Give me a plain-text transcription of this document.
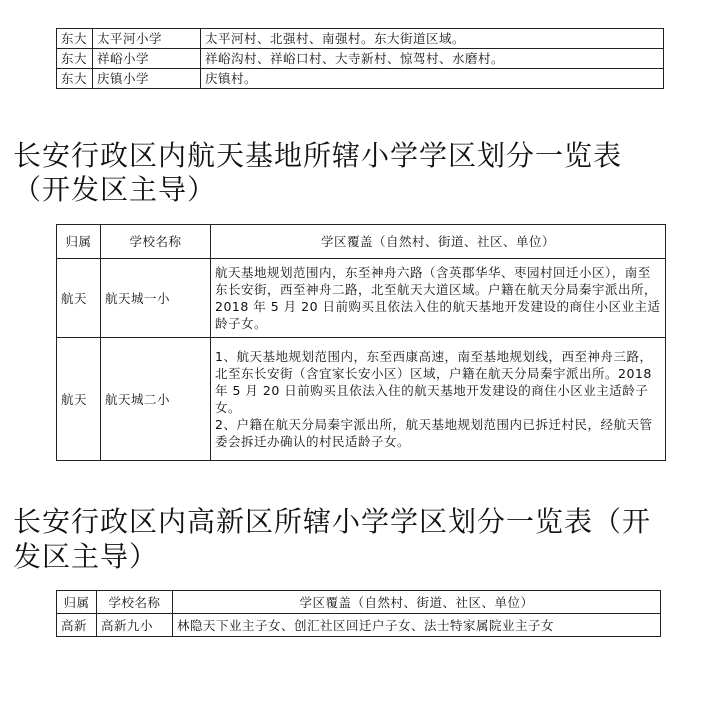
东大	太平河小学	太平河村、北强村、南强村。东大街道区域。
东大	祥峪小学	祥峪沟村、祥峪口村、大寺新村、惊驾村、水磨村。
东大	庆镇小学	庆镇村。
长安行政区内航天基地所辖小学学区划分一览表
（开发区主导）
归属	学校名称	学区覆盖（自然村、街道、社区、单位）
航天	航天城一小	航天基地规划范围内，东至神舟六路（含英郡华华、枣园村回迁小区），南至东长安街，西至神舟二路，北至航天大道区域。户籍在航天分局秦宇派出所，2018 年 5 月 20 日前购买且依法入住的航天基地开发建设的商住小区业主适龄子女。
航天	航天城二小	1、航天基地规划范围内，东至西康高速，南至基地规划线，西至神舟三路，北至东长安街（含宜家长安小区）区域，户籍在航天分局秦宇派出所。2018 年 5 月 20 日前购买且依法入住的航天基地开发建设的商住小区业主适龄子女。
2、户籍在航天分局秦宇派出所，航天基地规划范围内已拆迁村民，经航天管委会拆迁办确认的村民适龄子女。
长安行政区内高新区所辖小学学区划分一览表（开
发区主导）
归属	学校名称	学区覆盖（自然村、街道、社区、单位）
高新	高新九小	林隐天下业主子女、创汇社区回迁户子女、法士特家属院业主子女
